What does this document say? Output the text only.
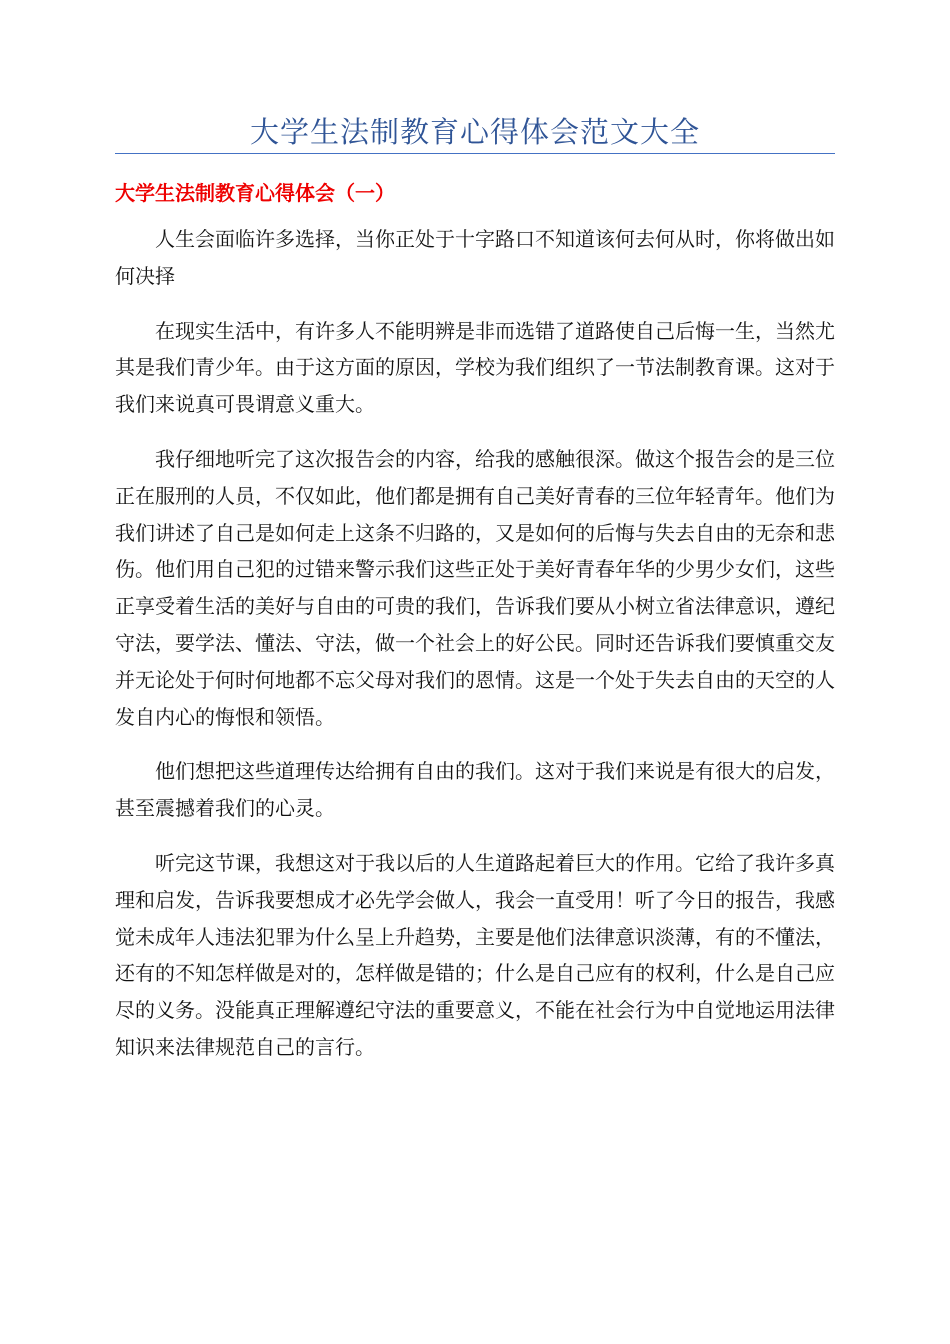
大学生法制教育心得体会范文大全
大学生法制教育心得体会（一）

人生会面临许多选择，当你正处于十字路口不知道该何去何从时，你将做出如何决择

在现实生活中，有许多人不能明辨是非而选错了道路使自己后悔一生，当然尤其是我们青少年。由于这方面的原因，学校为我们组织了一节法制教育课。这对于我们来说真可畏谓意义重大。

我仔细地听完了这次报告会的内容，给我的感触很深。做这个报告会的是三位正在服刑的人员，不仅如此，他们都是拥有自己美好青春的三位年轻青年。他们为我们讲述了自己是如何走上这条不归路的，又是如何的后悔与失去自由的无奈和悲伤。他们用自己犯的过错来警示我们这些正处于美好青春年华的少男少女们，这些正享受着生活的美好与自由的可贵的我们，告诉我们要从小树立省法律意识，遵纪守法，要学法、懂法、守法，做一个社会上的好公民。同时还告诉我们要慎重交友并无论处于何时何地都不忘父母对我们的恩情。这是一个处于失去自由的天空的人发自内心的悔恨和领悟。

他们想把这些道理传达给拥有自由的我们。这对于我们来说是有很大的启发，甚至震撼着我们的心灵。

听完这节课，我想这对于我以后的人生道路起着巨大的作用。它给了我许多真理和启发，告诉我要想成才必先学会做人，我会一直受用！听了今日的报告，我感觉未成年人违法犯罪为什么呈上升趋势，主要是他们法律意识淡薄，有的不懂法，还有的不知怎样做是对的，怎样做是错的；什么是自己应有的权利，什么是自己应尽的义务。没能真正理解遵纪守法的重要意义，不能在社会行为中自觉地运用法律知识来法律规范自己的言行。
